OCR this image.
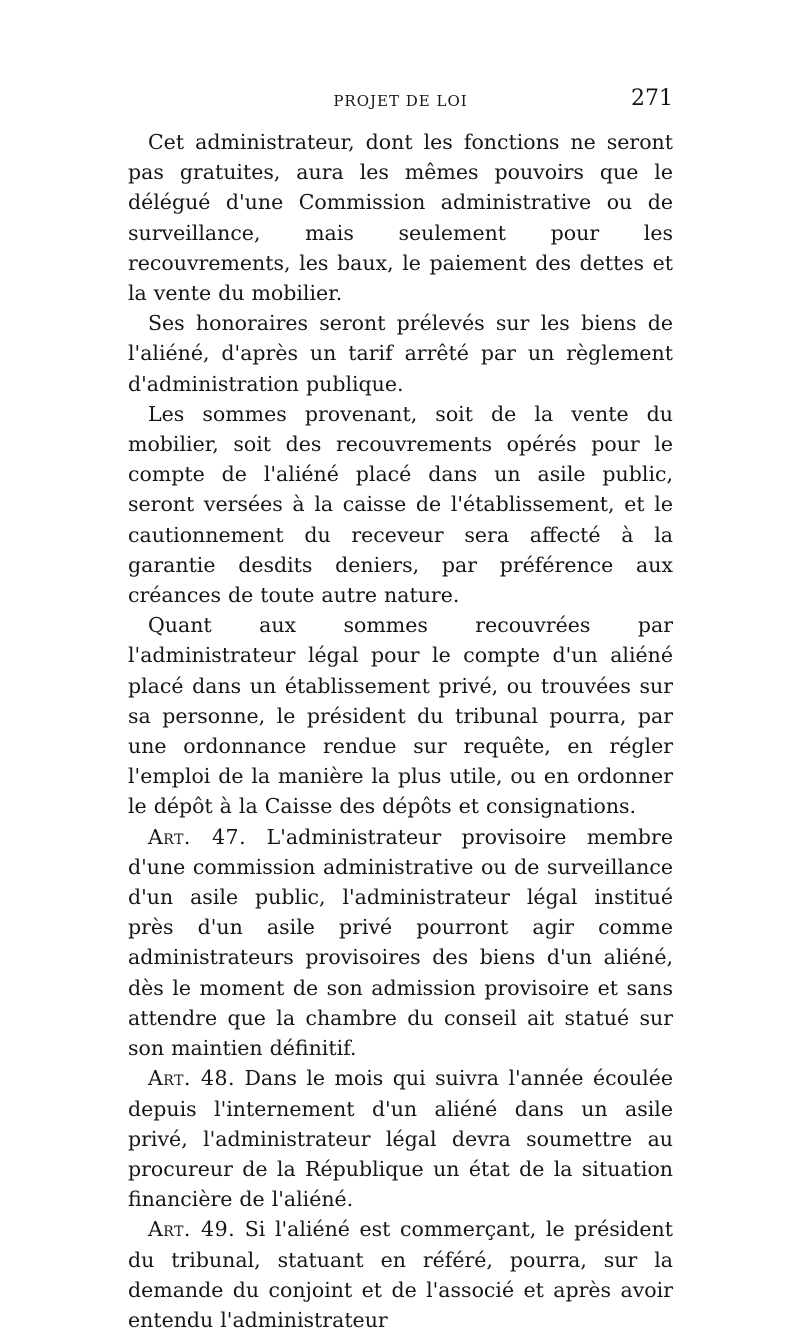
PROJET DE LOI	271

Cet administrateur, dont les fonctions ne seront pas gratuites, aura les mêmes pouvoirs que le délégué d'une Commission administrative ou de surveillance, mais seulement pour les recouvrements, les baux, le paiement des dettes et la vente du mobilier.

Ses honoraires seront prélevés sur les biens de l'aliéné, d'après un tarif arrêté par un règlement d'administration publique.

Les sommes provenant, soit de la vente du mobilier, soit des recouvrements opérés pour le compte de l'aliéné placé dans un asile public, seront versées à la caisse de l'établissement, et le cautionnement du receveur sera affecté à la garantie desdits deniers, par préférence aux créances de toute autre nature.

Quant aux sommes recouvrées par l'administrateur légal pour le compte d'un aliéné placé dans un établissement privé, ou trouvées sur sa personne, le président du tribunal pourra, par une ordonnance rendue sur requête, en régler l'emploi de la manière la plus utile, ou en ordonner le dépôt à la Caisse des dépôts et consignations.

Art. 47. L'administrateur provisoire membre d'une commission administrative ou de surveillance d'un asile public, l'administrateur légal institué près d'un asile privé pourront agir comme administrateurs provisoires des biens d'un aliéné, dès le moment de son admission provisoire et sans attendre que la chambre du conseil ait statué sur son maintien définitif.

Art. 48. Dans le mois qui suivra l'année écoulée depuis l'internement d'un aliéné dans un asile privé, l'administrateur légal devra soumettre au procureur de la République un état de la situation financière de l'aliéné.

Art. 49. Si l'aliéné est commerçant, le président du tribunal, statuant en référé, pourra, sur la demande du conjoint et de l'associé et après avoir entendu l'administrateur
